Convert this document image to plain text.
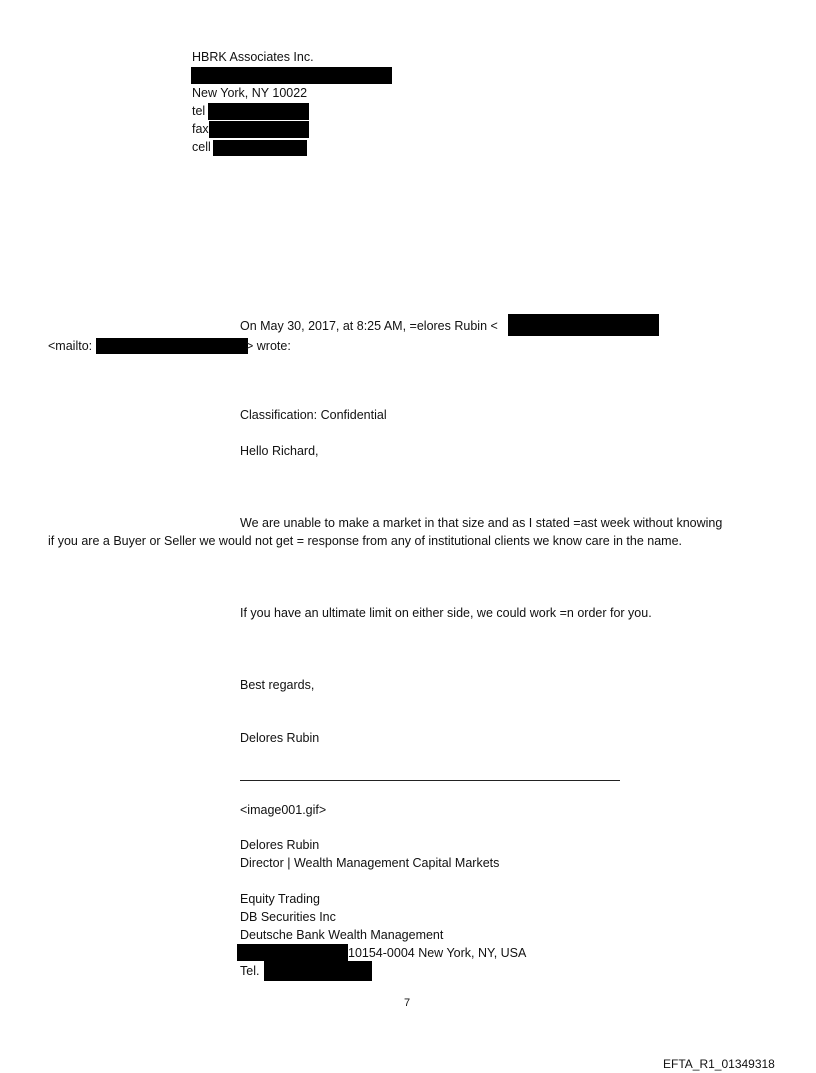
HBRK Associates Inc.
New York, NY 10022
tel
fax
cell
On May 30, 2017, at 8:25 AM, =elores Rubin <
<mailto:	> wrote:
Classification: Confidential
Hello Richard,
We are unable to make a market in that size and as I stated =ast week without knowing
if you are a Buyer or Seller we would not get = response from any of institutional clients we know care in the name.
If you have an ultimate limit on either side, we could work =n order for you.
Best regards,
Delores Rubin
<image001.gif>
Delores Rubin
Director | Wealth Management Capital Markets
Equity Trading
DB Securities Inc
Deutsche Bank Wealth Management
10154-0004 New York, NY, USA
Tel.
7
EFTA_R1_01349318
